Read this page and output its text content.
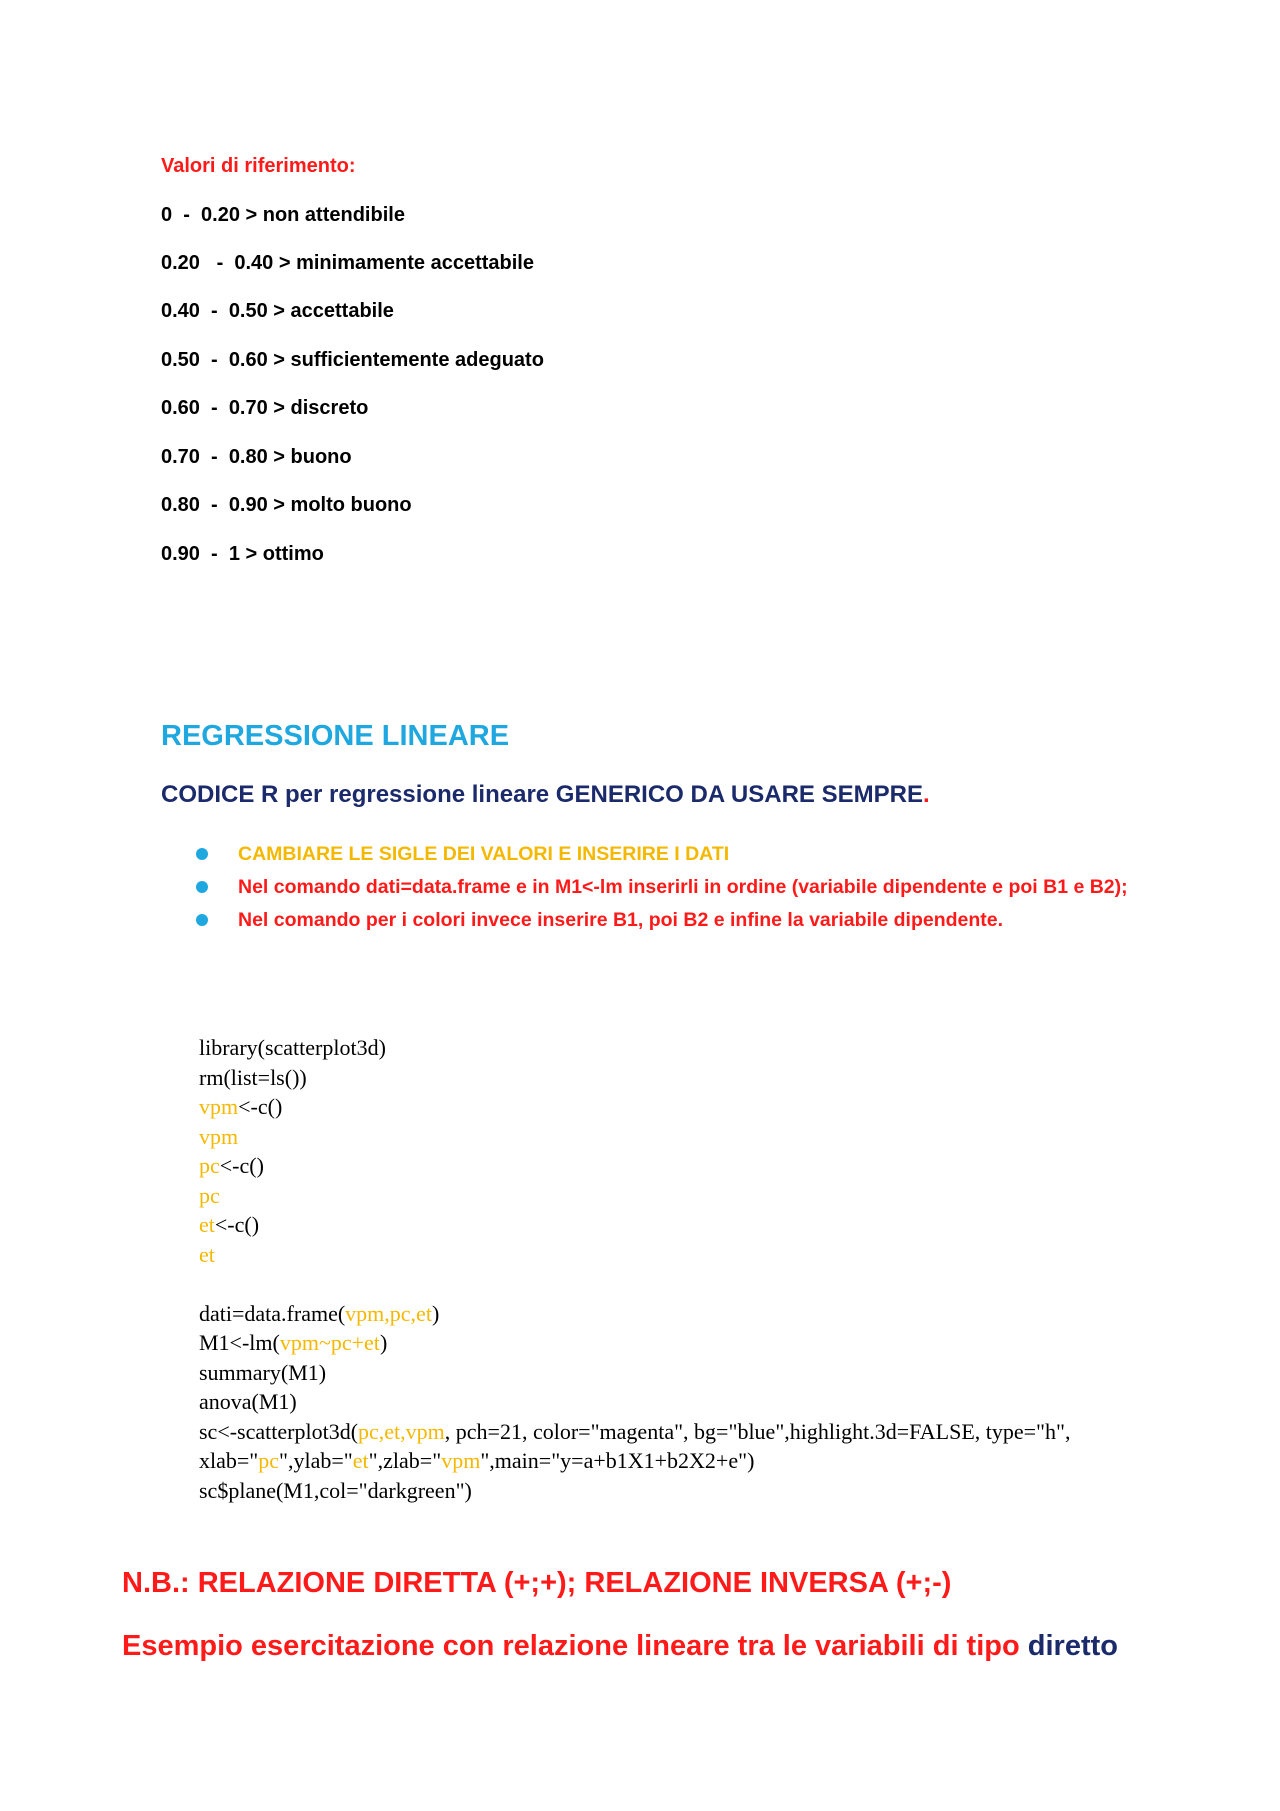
Valori di riferimento:
0  -  0.20 > non attendibile
0.20   -  0.40 > minimamente accettabile
0.40  -  0.50 > accettabile
0.50  -  0.60 > sufficientemente adeguato
0.60  -  0.70 > discreto
0.70  -  0.80 > buono
0.80  -  0.90 > molto buono
0.90  -  1 > ottimo
REGRESSIONE LINEARE
CODICE R per regressione lineare GENERICO DA USARE SEMPRE.
CAMBIARE LE SIGLE DEI VALORI E INSERIRE I DATI
Nel comando dati=data.frame e in M1<-lm inserirli in ordine (variabile dipendente e poi B1 e B2);
Nel comando per i colori invece inserire B1, poi B2 e infine la variabile dipendente.
library(scatterplot3d)
rm(list=ls())
vpm<-c()
vpm
pc<-c()
pc
et<-c()
et
dati=data.frame(vpm,pc,et)
M1<-lm(vpm~pc+et)
summary(M1)
anova(M1)
sc<-scatterplot3d(pc,et,vpm, pch=21, color="magenta", bg="blue",highlight.3d=FALSE, type="h",
xlab="pc",ylab="et",zlab="vpm",main="y=a+b1X1+b2X2+e")
sc$plane(M1,col="darkgreen")
N.B.: RELAZIONE DIRETTA (+;+); RELAZIONE INVERSA (+;-)
Esempio esercitazione con relazione lineare tra le variabili di tipo diretto
